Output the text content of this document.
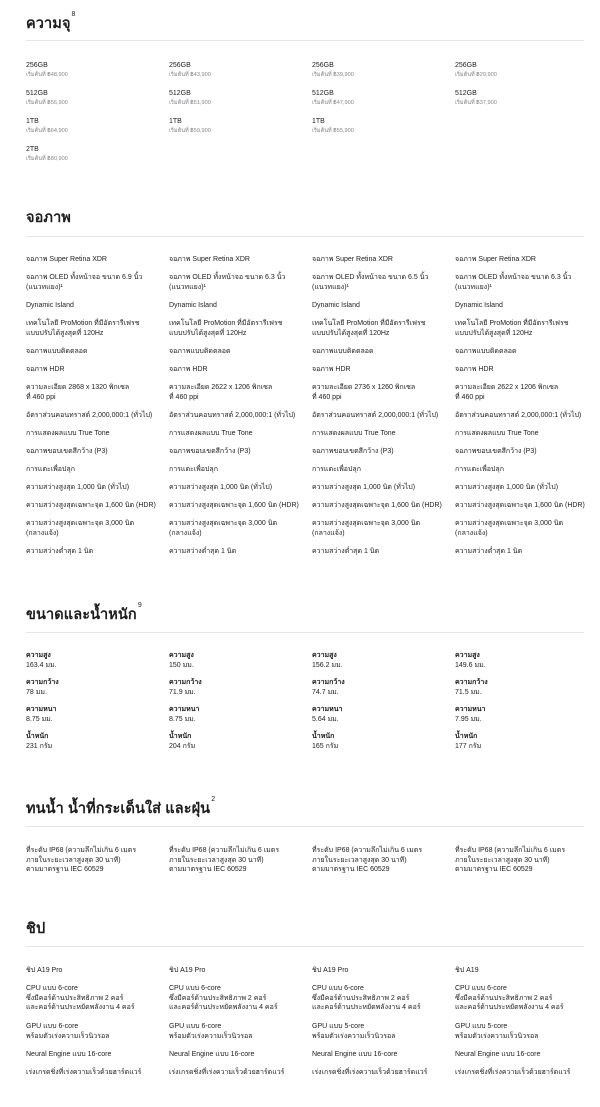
ความจุ$^8$
256GB
เริ่มต้นที่ ฿48,900
512GB
เริ่มต้นที่ ฿56,900
1TB
เริ่มต้นที่ ฿64,900
2TB
เริ่มต้นที่ ฿80,900
256GB
เริ่มต้นที่ ฿43,900
512GB
เริ่มต้นที่ ฿51,900
1TB
เริ่มต้นที่ ฿59,900
256GB
เริ่มต้นที่ ฿39,900
512GB
เริ่มต้นที่ ฿47,900
1TB
เริ่มต้นที่ ฿55,900
256GB
เริ่มต้นที่ ฿29,900
512GB
เริ่มต้นที่ ฿37,900
จอภาพ
จอภาพ Super Retina XDR
จอภาพ OLED ทั้งหน้าจอ ขนาด 6.9 นิ้ว
(แนวทแยง)¹
Dynamic Island
เทคโนโลยี ProMotion ที่มีอัตรารีเฟรช
แบบปรับได้สูงสุดที่ 120Hz
จอภาพแบบติดตลอด
จอภาพ HDR
ความละเอียด 2868 x 1320 พิกเซล
ที่ 460 ppi
อัตราส่วนคอนทราสต์ 2,000,000:1 (ทั่วไป)
การแสดงผลแบบ True Tone
จอภาพขอบเขตสีกว้าง (P3)
การแตะเพื่อปลุก
ความสว่างสูงสุด 1,000 นิต (ทั่วไป)
ความสว่างสูงสุดเฉพาะจุด 1,600 นิต (HDR)
ความสว่างสูงสุดเฉพาะจุด 3,000 นิต
(กลางแจ้ง)
ความสว่างต่ำสุด 1 นิต
จอภาพ Super Retina XDR
จอภาพ OLED ทั้งหน้าจอ ขนาด 6.3 นิ้ว
(แนวทแยง)¹
Dynamic Island
เทคโนโลยี ProMotion ที่มีอัตรารีเฟรช
แบบปรับได้สูงสุดที่ 120Hz
จอภาพแบบติดตลอด
จอภาพ HDR
ความละเอียด 2622 x 1206 พิกเซล
ที่ 460 ppi
อัตราส่วนคอนทราสต์ 2,000,000:1 (ทั่วไป)
การแสดงผลแบบ True Tone
จอภาพขอบเขตสีกว้าง (P3)
การแตะเพื่อปลุก
ความสว่างสูงสุด 1,000 นิต (ทั่วไป)
ความสว่างสูงสุดเฉพาะจุด 1,600 นิต (HDR)
ความสว่างสูงสุดเฉพาะจุด 3,000 นิต
(กลางแจ้ง)
ความสว่างต่ำสุด 1 นิต
จอภาพ Super Retina XDR
จอภาพ OLED ทั้งหน้าจอ ขนาด 6.5 นิ้ว
(แนวทแยง)¹
Dynamic Island
เทคโนโลยี ProMotion ที่มีอัตรารีเฟรช
แบบปรับได้สูงสุดที่ 120Hz
จอภาพแบบติดตลอด
จอภาพ HDR
ความละเอียด 2736 x 1260 พิกเซล
ที่ 460 ppi
อัตราส่วนคอนทราสต์ 2,000,000:1 (ทั่วไป)
การแสดงผลแบบ True Tone
จอภาพขอบเขตสีกว้าง (P3)
การแตะเพื่อปลุก
ความสว่างสูงสุด 1,000 นิต (ทั่วไป)
ความสว่างสูงสุดเฉพาะจุด 1,600 นิต (HDR)
ความสว่างสูงสุดเฉพาะจุด 3,000 นิต
(กลางแจ้ง)
ความสว่างต่ำสุด 1 นิต
จอภาพ Super Retina XDR
จอภาพ OLED ทั้งหน้าจอ ขนาด 6.3 นิ้ว
(แนวทแยง)¹
Dynamic Island
เทคโนโลยี ProMotion ที่มีอัตรารีเฟรช
แบบปรับได้สูงสุดที่ 120Hz
จอภาพแบบติดตลอด
จอภาพ HDR
ความละเอียด 2622 x 1206 พิกเซล
ที่ 460 ppi
อัตราส่วนคอนทราสต์ 2,000,000:1 (ทั่วไป)
การแสดงผลแบบ True Tone
จอภาพขอบเขตสีกว้าง (P3)
การแตะเพื่อปลุก
ความสว่างสูงสุด 1,000 นิต (ทั่วไป)
ความสว่างสูงสุดเฉพาะจุด 1,600 นิต (HDR)
ความสว่างสูงสุดเฉพาะจุด 3,000 นิต
(กลางแจ้ง)
ความสว่างต่ำสุด 1 นิต
ขนาดและน้ำหนัก$^9$
ความสูง
163.4 มม.
ความกว้าง
78 มม.
ความหนา
8.75 มม.
น้ำหนัก
231 กรัม
ความสูง
150 มม.
ความกว้าง
71.9 มม.
ความหนา
8.75 มม.
น้ำหนัก
204 กรัม
ความสูง
156.2 มม.
ความกว้าง
74.7 มม.
ความหนา
5.64 มม.
น้ำหนัก
165 กรัม
ความสูง
149.6 มม.
ความกว้าง
71.5 มม.
ความหนา
7.95 มม.
น้ำหนัก
177 กรัม
ทนน้ำ น้ำที่กระเด็นใส่ และฝุ่น$^2$
ที่ระดับ IP68 (ความลึกไม่เกิน 6 เมตร
ภายในระยะเวลาสูงสุด 30 นาที)
ตามมาตรฐาน IEC 60529
ที่ระดับ IP68 (ความลึกไม่เกิน 6 เมตร
ภายในระยะเวลาสูงสุด 30 นาที)
ตามมาตรฐาน IEC 60529
ที่ระดับ IP68 (ความลึกไม่เกิน 6 เมตร
ภายในระยะเวลาสูงสุด 30 นาที)
ตามมาตรฐาน IEC 60529
ที่ระดับ IP68 (ความลึกไม่เกิน 6 เมตร
ภายในระยะเวลาสูงสุด 30 นาที)
ตามมาตรฐาน IEC 60529
ชิป
ชิป A19 Pro
CPU แบบ 6-core
ซึ่งมีคอร์ด้านประสิทธิภาพ 2 คอร์
และคอร์ด้านประหยัดพลังงาน 4 คอร์
GPU แบบ 6-core
พร้อมตัวเร่งความเร็วนิวรอล
Neural Engine แบบ 16-core
เร่งเกรดชิ่งที่เร่งความเร็วด้วยฮาร์ดแวร์
ชิป A19 Pro
CPU แบบ 6-core
ซึ่งมีคอร์ด้านประสิทธิภาพ 2 คอร์
และคอร์ด้านประหยัดพลังงาน 4 คอร์
GPU แบบ 6-core
พร้อมตัวเร่งความเร็วนิวรอล
Neural Engine แบบ 16-core
เร่งเกรดชิ่งที่เร่งความเร็วด้วยฮาร์ดแวร์
ชิป A19 Pro
CPU แบบ 6-core
ซึ่งมีคอร์ด้านประสิทธิภาพ 2 คอร์
และคอร์ด้านประหยัดพลังงาน 4 คอร์
GPU แบบ 5-core
พร้อมตัวเร่งความเร็วนิวรอล
Neural Engine แบบ 16-core
เร่งเกรดชิ่งที่เร่งความเร็วด้วยฮาร์ดแวร์
ชิป A19
CPU แบบ 6-core
ซึ่งมีคอร์ด้านประสิทธิภาพ 2 คอร์
และคอร์ด้านประหยัดพลังงาน 4 คอร์
GPU แบบ 5-core
พร้อมตัวเร่งความเร็วนิวรอล
Neural Engine แบบ 16-core
เร่งเกรดชิ่งที่เร่งความเร็วด้วยฮาร์ดแวร์
